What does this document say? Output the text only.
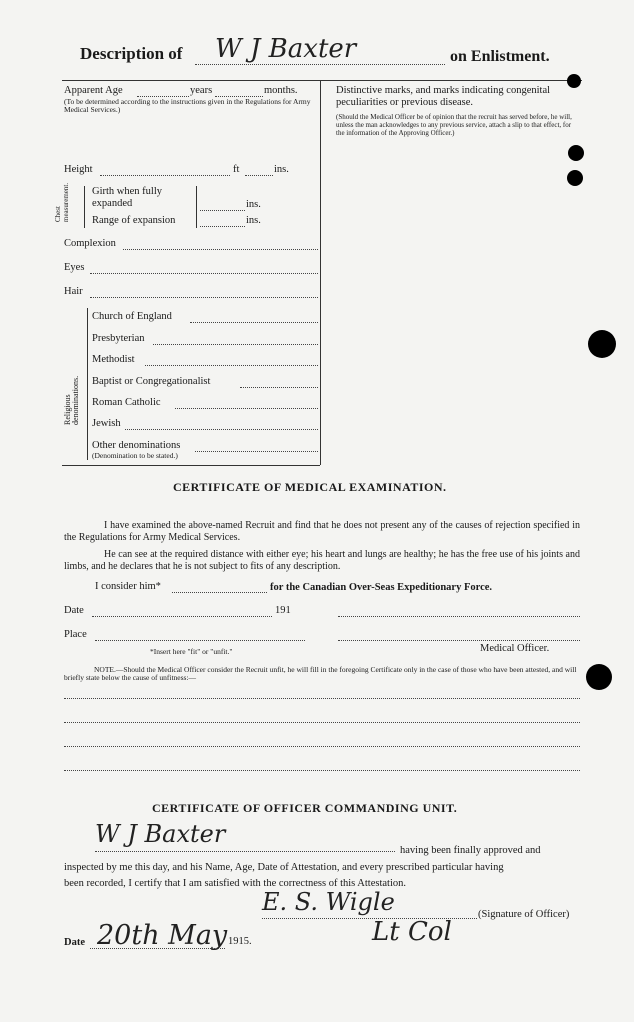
Description of W J Baxter	on Enlistment.
Apparent Age	years	months.
(To be determined according to the instructions given in the Regulations for Army Medical Services.)
Height	ft	ins.
Chest measurement. Girth when fully expanded	ins.
Range of expansion	ins.
Complexion
Eyes
Hair
Religious denominations.
Church of England
Presbyterian
Methodist
Baptist or Congregationalist
Roman Catholic
Jewish
Other denominations
(Denomination to be stated.)
Distinctive marks, and marks indicating congenital peculiarities or previous disease.
(Should the Medical Officer be of opinion that the recruit has served before, he will, unless the man acknowledges to any previous service, attach a slip to that effect, for the information of the Approving Officer.)
CERTIFICATE OF MEDICAL EXAMINATION.
I have examined the above-named Recruit and find that he does not present any of the causes of rejection specified in the Regulations for Army Medical Services.
He can see at the required distance with either eye; his heart and lungs are healthy; he has the free use of his joints and limbs, and he declares that he is not subject to fits of any description.
I consider him*	for the Canadian Over-Seas Expeditionary Force.
Date	191
Place
Medical Officer.
*Insert here "fit" or "unfit."
NOTE.—Should the Medical Officer consider the Recruit unfit, he will fill in the foregoing Certificate only in the case of those who have been attested, and will briefly state below the cause of unfitness:—
CERTIFICATE OF OFFICER COMMANDING UNIT.
W J Baxter
having been finally approved and
inspected by me this day, and his Name, Age, Date of Attestation, and every prescribed particular having
been recorded, I certify that I am satisfied with the correctness of this Attestation.
E. S. Wigle	(Signature of Officer)
Lt Col
Date 20th May 1915.
